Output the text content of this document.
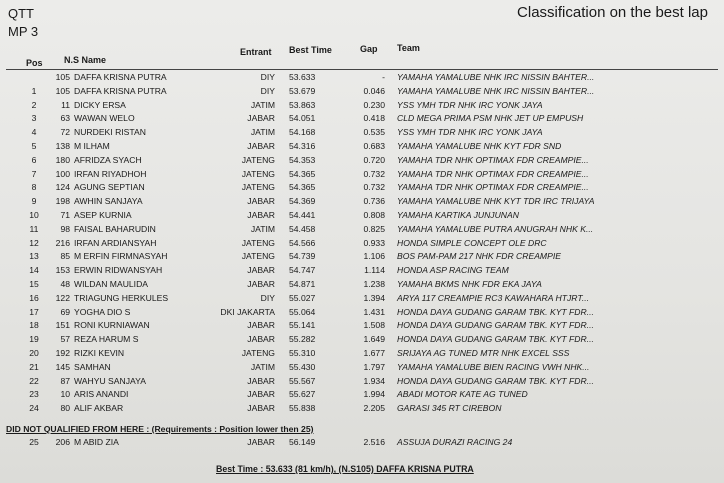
QTT
MP 3
Classification on the best lap
Pos N.S Name
Entrant Best Time	Gap Team
105 DAFFA KRISNA PUTRA	DIY 53.633	- YAMAHA YAMALUBE NHK IRC NISSIN BAHTER...
1	105 DAFFA KRISNA PUTRA	DIY 53.679	0.046 YAMAHA YAMALUBE NHK IRC NISSIN BAHTER...
2	11 DICKY ERSA	JATIM 53.863	0.230 YSS YMH TDR NHK IRC YONK JAYA
3	63 WAWAN WELO	JABAR 54.051	0.418 CLD MEGA PRIMA PSM NHK JET UP EMPUSH
4	72 NURDEKI RISTAN	JATIM 54.168	0.535 YSS YMH TDR NHK IRC YONK JAYA
5	138 M ILHAM	JABAR 54.316	0.683 YAMAHA YAMALUBE NHK KYT FDR SND
6	180 AFRIDZA SYACH	JATENG 54.353	0.720 YAMAHA TDR NHK OPTIMAX FDR CREAMPIE...
7	100 IRFAN RIYADHOH	JATENG 54.365	0.732 YAMAHA TDR NHK OPTIMAX FDR CREAMPIE...
8	124 AGUNG SEPTIAN	JATENG 54.365	0.732 YAMAHA TDR NHK OPTIMAX FDR CREAMPIE...
9	198 AWHIN SANJAYA	JABAR 54.369	0.736 YAMAHA YAMALUBE NHK KYT TDR IRC TRIJAYA
10	71 ASEP KURNIA	JABAR 54.441	0.808 YAMAHA KARTIKA JUNJUNAN
11	98 FAISAL BAHARUDIN	JATIM 54.458	0.825 YAMAHA YAMALUBE PUTRA ANUGRAH NHK K...
12	216 IRFAN ARDIANSYAH	JATENG 54.566	0.933 HONDA SIMPLE CONCEPT OLE DRC
13	85 M ERFIN FIRMNASYAH	JATENG 54.739	1.106 BOS PAM-PAM 217 NHK FDR CREAMPIE
14	153 ERWIN RIDWANSYAH	JABAR 54.747	1.114 HONDA ASP RACING TEAM
15	48 WILDAN MAULIDA	JABAR 54.871	1.238 YAMAHA BKMS NHK FDR EKA JAYA
16	122 TRIAGUNG HERKULES	DIY 55.027	1.394 ARYA 117 CREAMPIE RC3 KAWAHARA HTJRT...
17	69 YOGHA DIO S	DKI JAKARTA 55.064	1.431 HONDA DAYA GUDANG GARAM TBK. KYT FDR...
18	151 RONI KURNIAWAN	JABAR 55.141	1.508 HONDA DAYA GUDANG GARAM TBK. KYT FDR...
19	57 REZA HARUM S	JABAR 55.282	1.649 HONDA DAYA GUDANG GARAM TBK. KYT FDR...
20	192 RIZKI KEVIN	JATENG 55.310	1.677 SRIJAYA AG TUNED MTR NHK EXCEL SSS
21	145 SAMHAN	JATIM 55.430	1.797 YAMAHA YAMALUBE BIEN RACING VWH NHK...
22	87 WAHYU SANJAYA	JABAR 55.567	1.934 HONDA DAYA GUDANG GARAM TBK. KYT FDR...
23	10 ARIS ANANDI	JABAR 55.627	1.994 ABADI MOTOR KATE AG TUNED
24	80 ALIF AKBAR	JABAR 55.838	2.205 GARASI 345 RT CIREBON
DID NOT QUALIFIED FROM HERE : (Requirements : Position lower then 25)
25	206 M ABID ZIA	JABAR 56.149	2.516 ASSUJA DURAZI RACING 24
Best Time : 53.633 (81 km/h), (N.S105) DAFFA KRISNA PUTRA
